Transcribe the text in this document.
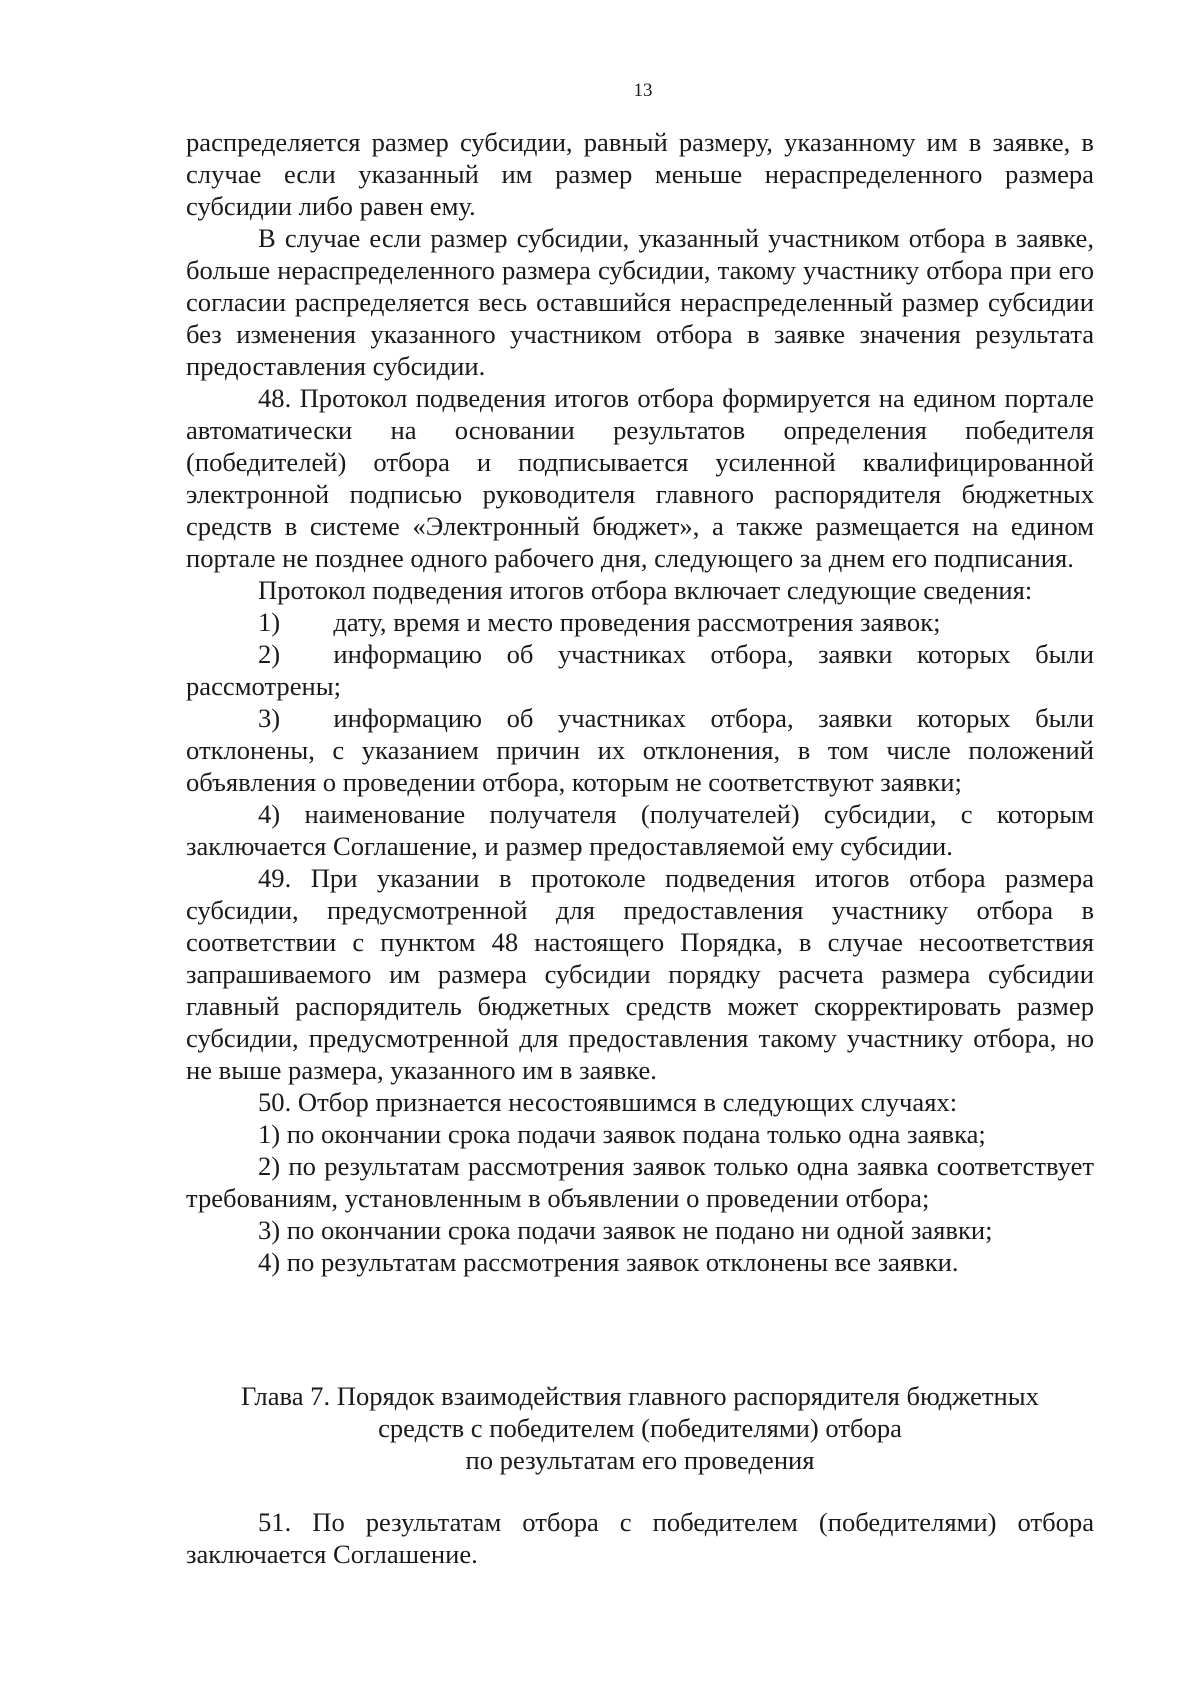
13

распределяется размер субсидии, равный размеру, указанному им в заявке, в случае если указанный им размер меньше нераспределенного размера субсидии либо равен ему.

В случае если размер субсидии, указанный участником отбора в заявке, больше нераспределенного размера субсидии, такому участнику отбора при его согласии распределяется весь оставшийся нераспределенный размер субсидии без изменения указанного участником отбора в заявке значения результата предоставления субсидии.

48. Протокол подведения итогов отбора формируется на едином портале автоматически на основании результатов определения победителя (победителей) отбора и подписывается усиленной квалифицированной электронной подписью руководителя главного распорядителя бюджетных средств в системе «Электронный бюджет», а также размещается на едином портале не позднее одного рабочего дня, следующего за днем его подписания.

Протокол подведения итогов отбора включает следующие сведения:

1)  дату, время и место проведения рассмотрения заявок;

2)  информацию об участниках отбора, заявки которых были рассмотрены;

3)  информацию об участниках отбора, заявки которых были отклонены, с указанием причин их отклонения, в том числе положений объявления о проведении отбора, которым не соответствуют заявки;

4) наименование получателя (получателей) субсидии, с которым заключается Соглашение, и размер предоставляемой ему субсидии.

49. При указании в протоколе подведения итогов отбора размера субсидии, предусмотренной для предоставления участнику отбора в соответствии с пунктом 48 настоящего Порядка, в случае несоответствия запрашиваемого им размера субсидии порядку расчета размера субсидии главный распорядитель бюджетных средств может скорректировать размер субсидии, предусмотренной для предоставления такому участнику отбора, но не выше размера, указанного им в заявке.

50. Отбор признается несостоявшимся в следующих случаях:

1) по окончании срока подачи заявок подана только одна заявка;

2) по результатам рассмотрения заявок только одна заявка соответствует требованиям, установленным в объявлении о проведении отбора;

3) по окончании срока подачи заявок не подано ни одной заявки;

4) по результатам рассмотрения заявок отклонены все заявки.

Глава 7. Порядок взаимодействия главного распорядителя бюджетных
средств с победителем (победителями) отбора
по результатам его проведения

51. По результатам отбора с победителем (победителями) отбора заключается Соглашение.
